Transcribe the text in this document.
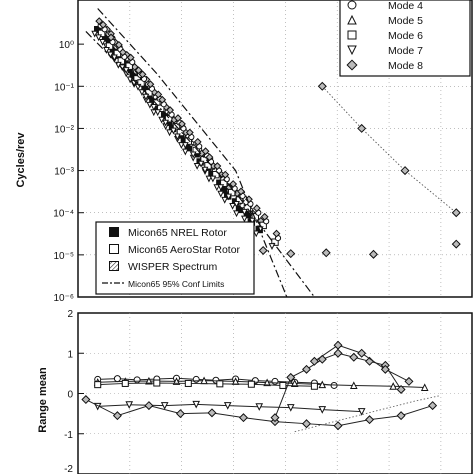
10⁰
10⁻¹
10⁻²
10⁻³
10⁻⁴
10⁻⁵
10⁻⁶
Cycles/rev
Mode 4
Mode 5
Mode 6
Mode 7
Mode 8
Micon65 NREL Rotor
Micon65 AeroStar Rotor
WISPER Spectrum
Micon65 95% Conf Limits
2
1
0
-1
-2
Range mean
